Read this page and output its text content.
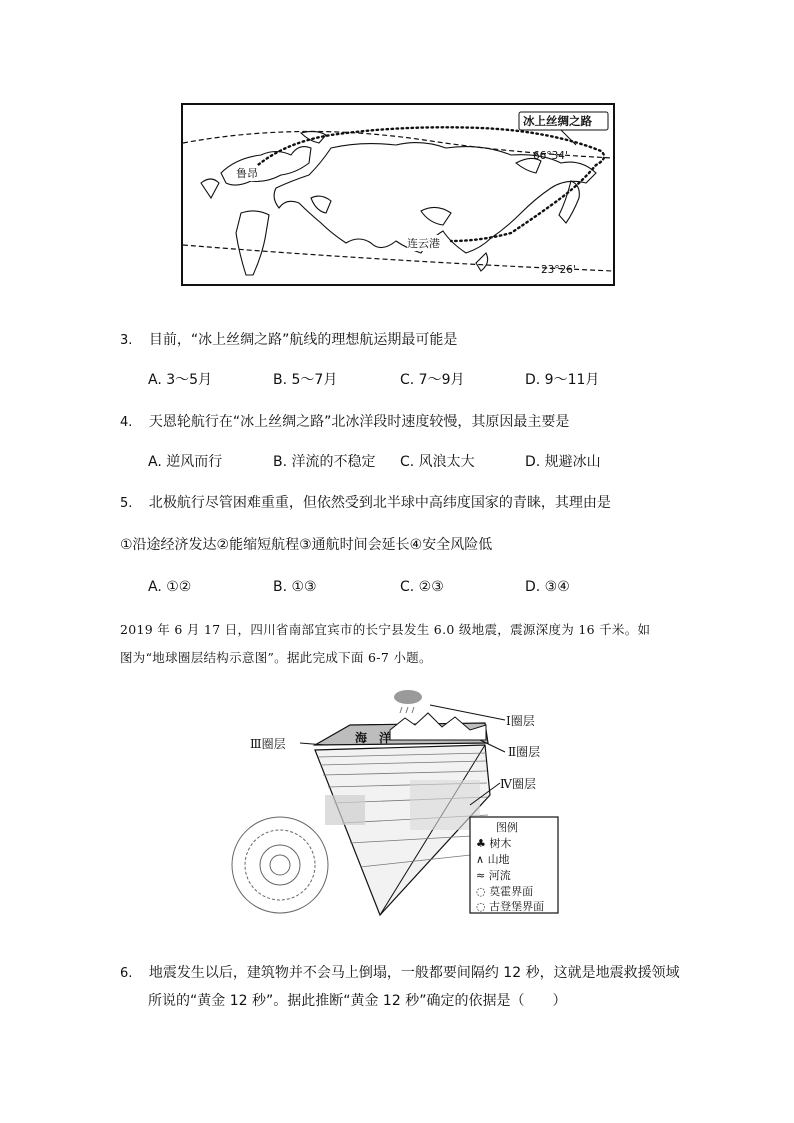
冰上丝绸之路
66°34'
23°26'
鲁昂
连云港
3. 目前，“冰上丝绸之路”航线的理想航运期最可能是
A. 3～5月	B. 5～7月	C. 7～9月	D. 9～11月
4. 天恩轮航行在“冰上丝绸之路”北冰洋段时速度较慢，其原因最主要是
A. 逆风而行	B. 洋流的不稳定 C. 风浪太大	D. 规避冰山
5. 北极航行尽管困难重重，但依然受到北半球中高纬度国家的青睐，其理由是
①沿途经济发达②能缩短航程③通航时间会延长④安全风险低
A. ①②	B. ①③	C. ②③	D. ③④
2019 年 6 月 17 日，四川省南部宜宾市的长宁县发生 6.0 级地震，震源深度为 16 千米。如
图为“地球圈层结构示意图”。据此完成下面 6-7 小题。
Ⅰ圈层
Ⅱ圈层
Ⅲ圈层
Ⅳ圈层
海　洋
图例
♣ 树木
∧ 山地
≈ 河流
◌ 莫霍界面
◌ 古登堡界面
6. 地震发生以后，建筑物并不会马上倒塌，一般都要间隔约 12 秒，这就是地震救援领域
所说的“黄金 12 秒”。据此推断“黄金 12 秒”确定的依据是（　　）
